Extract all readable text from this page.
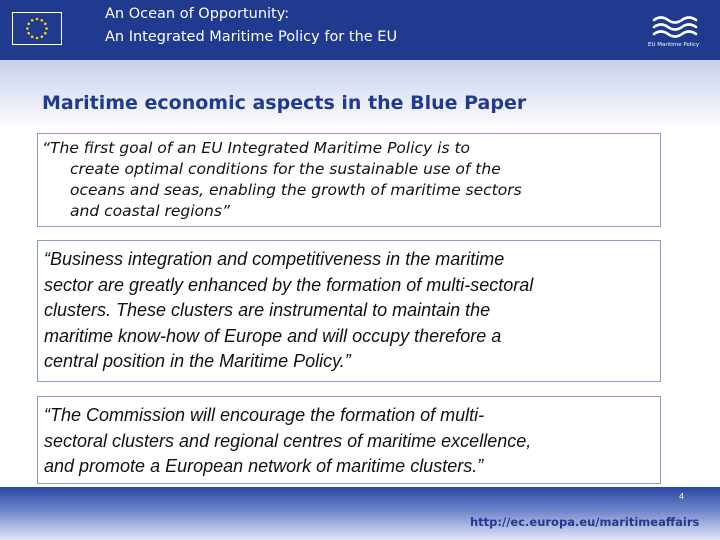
An Ocean of Opportunity:
An Integrated Maritime Policy for the EU	EU Maritime Policy
Maritime economic aspects in the Blue Paper
“The first goal of an EU Integrated Maritime Policy is to
create optimal conditions for the sustainable use of the
oceans and seas, enabling the growth of maritime sectors
and coastal regions”
“Business integration and competitiveness in the maritime
sector are greatly enhanced by the formation of multi-sectoral
clusters. These clusters are instrumental to maintain the
maritime know-how of Europe and will occupy therefore a
central position in the Maritime Policy.”
“The Commission will encourage the formation of multi-
sectoral clusters and regional centres of maritime excellence,
and promote a European network of maritime clusters.”
4
http://ec.europa.eu/maritimeaffairs
